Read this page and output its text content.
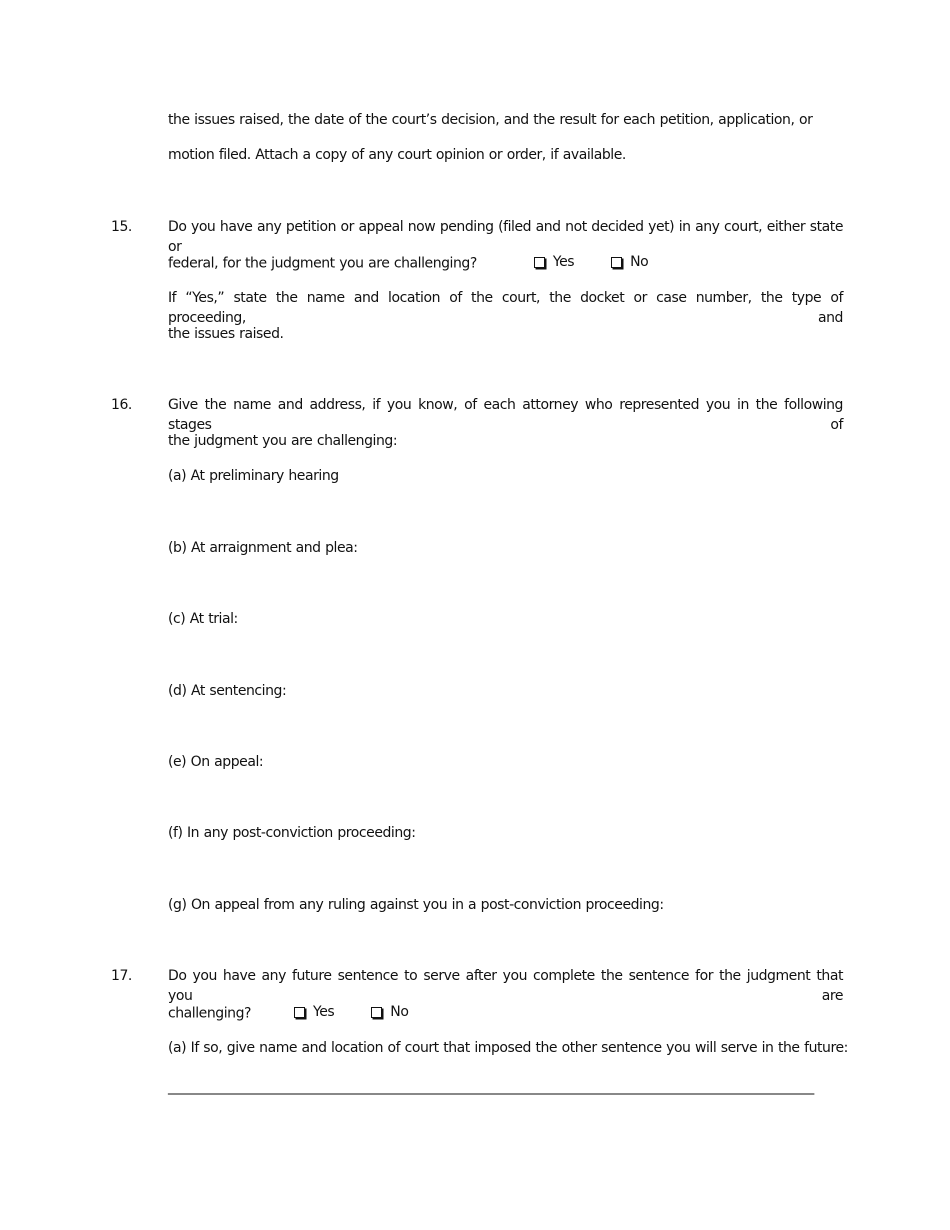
the issues raised, the date of the court’s decision, and the result for each petition, application, or
motion filed. Attach a copy of any court opinion or order, if available.
15.	Do you have any petition or appeal now pending (filed and not decided yet) in any court, either state or
federal, for the judgment you are challenging?	Yes
	No
If “Yes,” state the name and location of the court, the docket or case number, the type of proceeding, and
the issues raised.
16.	Give the name and address, if you know, of each attorney who represented you in the following stages of
the judgment you are challenging:
(a) At preliminary hearing
(b) At arraignment and plea:
(c) At trial:
(d) At sentencing:
(e) On appeal:
(f) In any post-conviction proceeding:
(g) On appeal from any ruling against you in a post-conviction proceeding:
17.	Do you have any future sentence to serve after you complete the sentence for the judgment that you are
challenging?	Yes
	No
(a) If so, give name and location of court that imposed the other sentence you will serve in the future:
_______________________________________________________________________________________________
